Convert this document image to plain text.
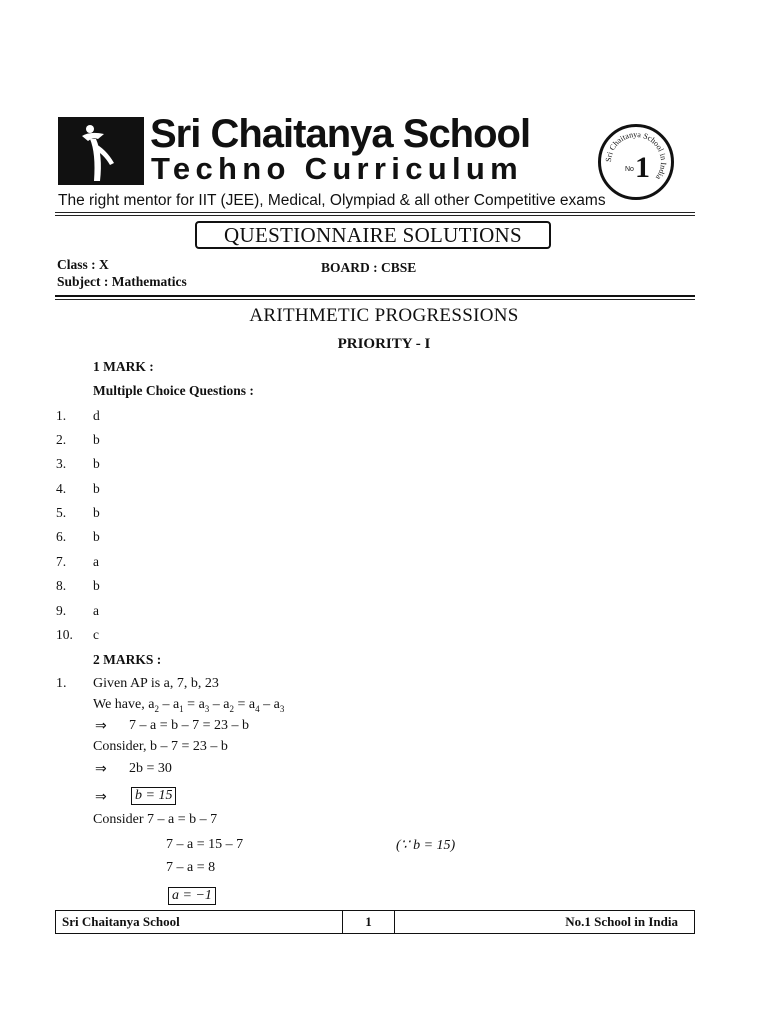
Sri Chaitanya School
Techno Curriculum	Sri Chaitanya School in India
No 1
The right mentor for IIT (JEE), Medical, Olympiad & all other Competitive exams
QUESTIONNAIRE SOLUTIONS
Class : X
Subject : Mathematics
BOARD : CBSE
ARITHMETIC PROGRESSIONS
PRIORITY - I
1 MARK :
Multiple Choice Questions :
1. d
2. b
3. b
4. b
5. b
6. b
7. a
8. b
9. a
10. c
2 MARKS :
1. Given AP is a, 7, b, 23
We have, $a_2 - a_1 = a_3 - a_2 = a_4 - a_3$
⇒ 7 – a = b – 7 = 23 – b
Consider, b – 7 = 23 – b
⇒ 2b = 30
⇒ b = 15
Consider 7 – a = b – 7
7 – a = 15 – 7	(∵ b = 15)
7 – a = 8
a = −1
Sri Chaitanya School	1	No.1 School in India
